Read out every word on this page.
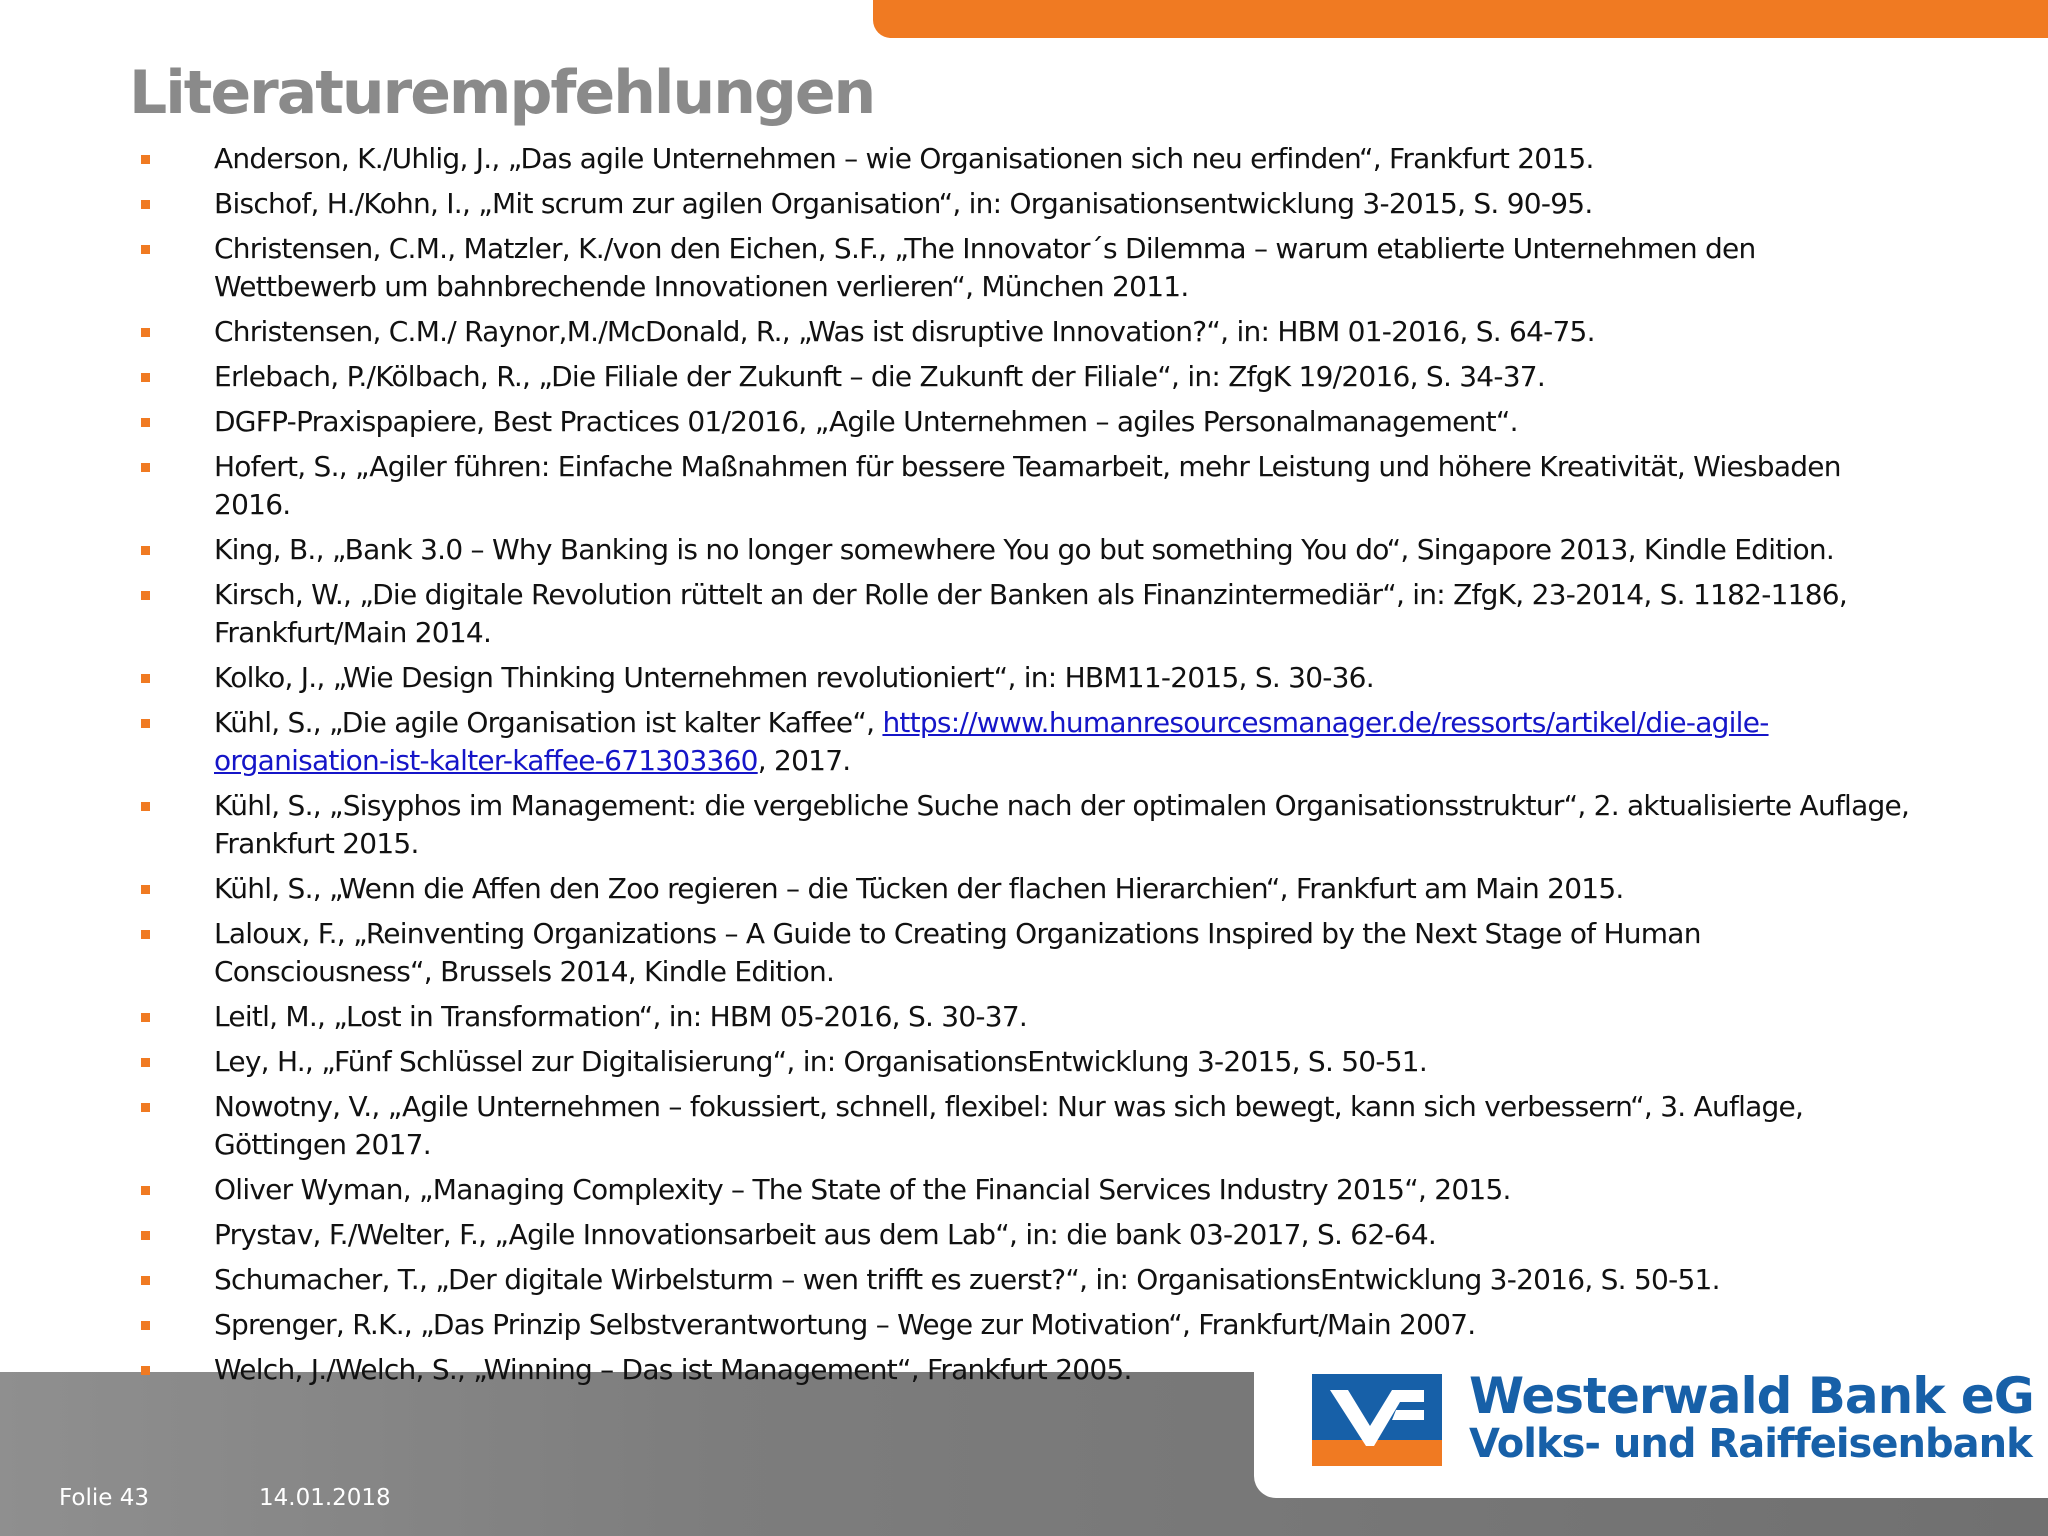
Literaturempfehlungen
Anderson, K./Uhlig, J., „Das agile Unternehmen – wie Organisationen sich neu erfinden“, Frankfurt 2015.
Bischof, H./Kohn, I., „Mit scrum zur agilen Organisation“, in: Organisationsentwicklung 3-2015, S. 90-95.
Christensen, C.M., Matzler, K./von den Eichen, S.F., „The Innovator´s Dilemma – warum etablierte Unternehmen den Wettbewerb um bahnbrechende Innovationen verlieren“, München 2011.
Christensen, C.M./ Raynor,M./McDonald, R., „Was ist disruptive Innovation?“, in: HBM 01-2016, S. 64-75.
Erlebach, P./Kölbach, R., „Die Filiale der Zukunft – die Zukunft der Filiale“, in: ZfgK 19/2016, S. 34-37.
DGFP-Praxispapiere, Best Practices 01/2016, „Agile Unternehmen – agiles Personalmanagement“.
Hofert, S., „Agiler führen: Einfache Maßnahmen für bessere Teamarbeit, mehr Leistung und höhere Kreativität, Wiesbaden 2016.
King, B., „Bank 3.0 – Why Banking is no longer somewhere You go but something You do“, Singapore 2013, Kindle Edition.
Kirsch, W., „Die digitale Revolution rüttelt an der Rolle der Banken als Finanzintermediär“, in: ZfgK, 23-2014, S. 1182-1186, Frankfurt/Main 2014.
Kolko, J., „Wie Design Thinking Unternehmen revolutioniert“, in: HBM11-2015, S. 30-36.
Kühl, S., „Die agile Organisation ist kalter Kaffee“, https://www.humanresourcesmanager.de/ressorts/artikel/die-agile-organisation-ist-kalter-kaffee-671303360, 2017.
Kühl, S., „Sisyphos im Management: die vergebliche Suche nach der optimalen Organisationsstruktur“, 2. aktualisierte Auflage, Frankfurt 2015.
Kühl, S., „Wenn die Affen den Zoo regieren – die Tücken der flachen Hierarchien“, Frankfurt am Main 2015.
Laloux, F., „Reinventing Organizations – A Guide to Creating Organizations Inspired by the Next Stage of Human Consciousness“, Brussels 2014, Kindle Edition.
Leitl, M., „Lost in Transformation“, in: HBM 05-2016, S. 30-37.
Ley, H., „Fünf Schlüssel zur Digitalisierung“, in: OrganisationsEntwicklung 3-2015, S. 50-51.
Nowotny, V., „Agile Unternehmen – fokussiert, schnell, flexibel: Nur was sich bewegt, kann sich verbessern“, 3. Auflage, Göttingen 2017.
Oliver Wyman, „Managing Complexity – The State of the Financial Services Industry 2015“, 2015.
Prystav, F./Welter, F., „Agile Innovationsarbeit aus dem Lab“, in: die bank 03-2017, S. 62-64.
Schumacher, T., „Der digitale Wirbelsturm – wen trifft es zuerst?“, in: OrganisationsEntwicklung 3-2016, S. 50-51.
Sprenger, R.K., „Das Prinzip Selbstverantwortung – Wege zur Motivation“, Frankfurt/Main 2007.
Welch, J./Welch, S., „Winning – Das ist Management“, Frankfurt 2005.	Westerwald Bank eG
Volks- und Raiffeisenbank
Folie 43	14.01.2018
